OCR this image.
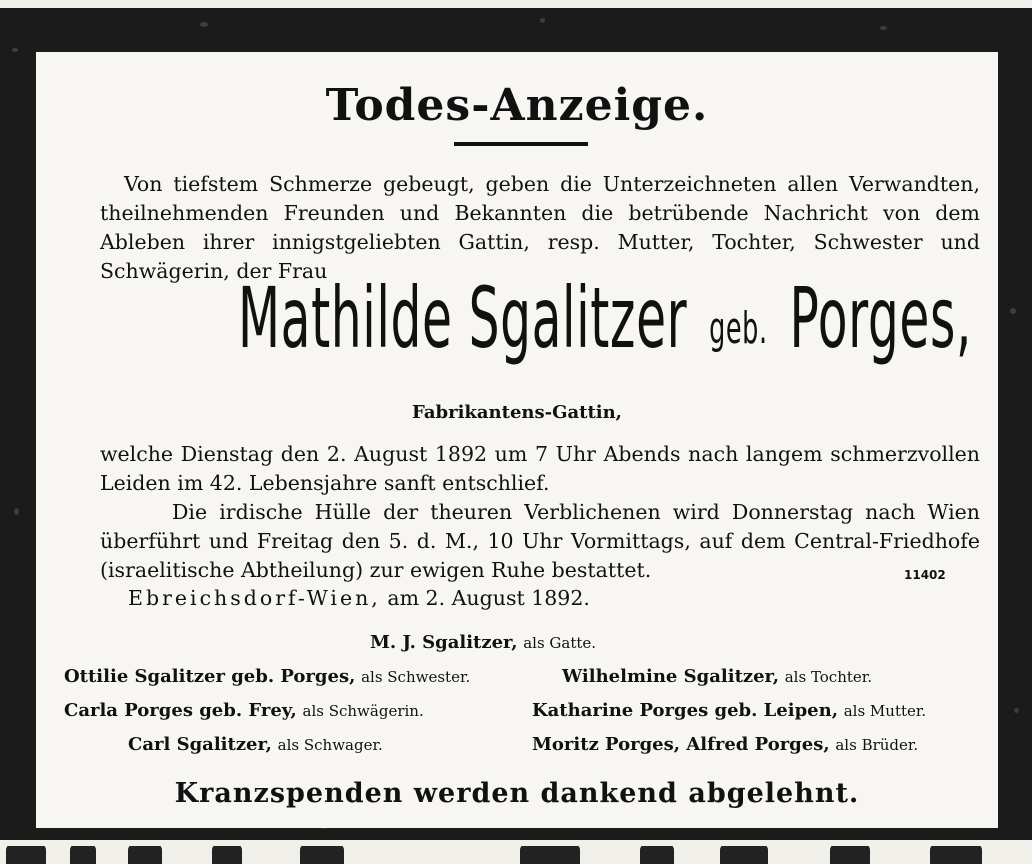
Todes-Anzeige.
Von tiefstem Schmerze gebeugt, geben die Unterzeichneten allen Verwandten, theilnehmenden Freunden und Bekannten die betrübende Nachricht von dem Ableben ihrer innigstgeliebten Gattin, resp. Mutter, Tochter, Schwester und Schwägerin, der Frau
Mathilde Sgalitzer geb. Porges,
Fabrikantens-Gattin,
welche Dienstag den 2. August 1892 um 7 Uhr Abends nach langem schmerzvollen Leiden im 42. Lebensjahre sanft entschlief.
Die irdische Hülle der theuren Verblichenen wird Donnerstag nach Wien überführt und Freitag den 5. d. M., 10 Uhr Vormittags, auf dem Central-Friedhofe (israelitische Abtheilung) zur ewigen Ruhe bestattet.	11402
Ebreichsdorf-Wien, am 2. August 1892.
M. J. Sgalitzer, als Gatte.
Ottilie Sgalitzer geb. Porges, als Schwester.	Wilhelmine Sgalitzer, als Tochter.
Carla Porges geb. Frey, als Schwägerin.	Katharine Porges geb. Leipen, als Mutter.
Carl Sgalitzer, als Schwager.	Moritz Porges, Alfred Porges, als Brüder.
Kranzspenden werden dankend abgelehnt.
